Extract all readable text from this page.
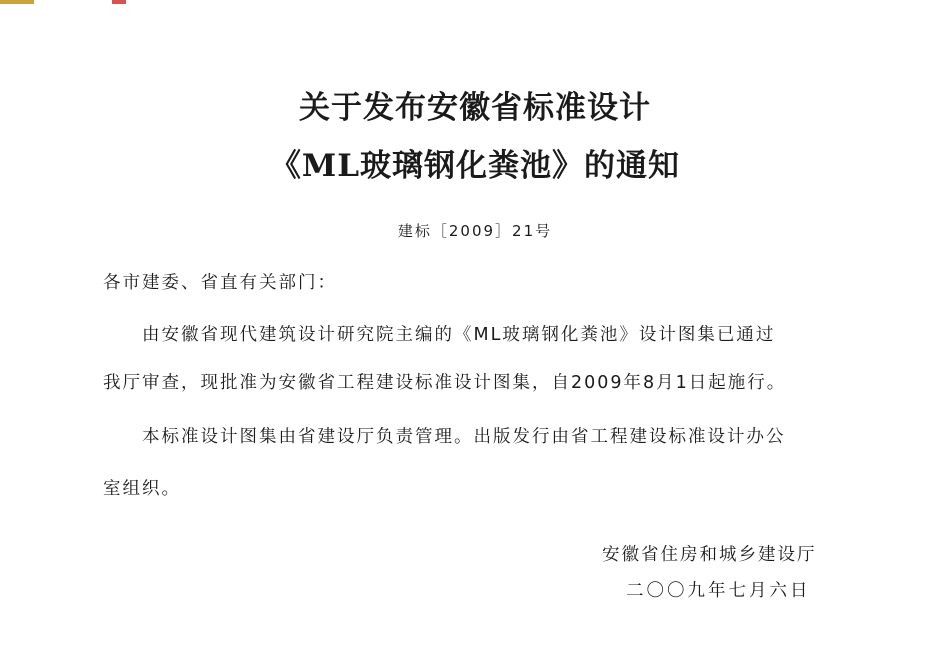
关于发布安徽省标准设计
《ML玻璃钢化粪池》的通知
建标［2009］21号
各市建委、省直有关部门：
由安徽省现代建筑设计研究院主编的《ML玻璃钢化粪池》设计图集已通过
我厅审查，现批准为安徽省工程建设标准设计图集，自2009年8月1日起施行。
本标准设计图集由省建设厅负责管理。出版发行由省工程建设标准设计办公
室组织。
安徽省住房和城乡建设厅
二〇〇九年七月六日
